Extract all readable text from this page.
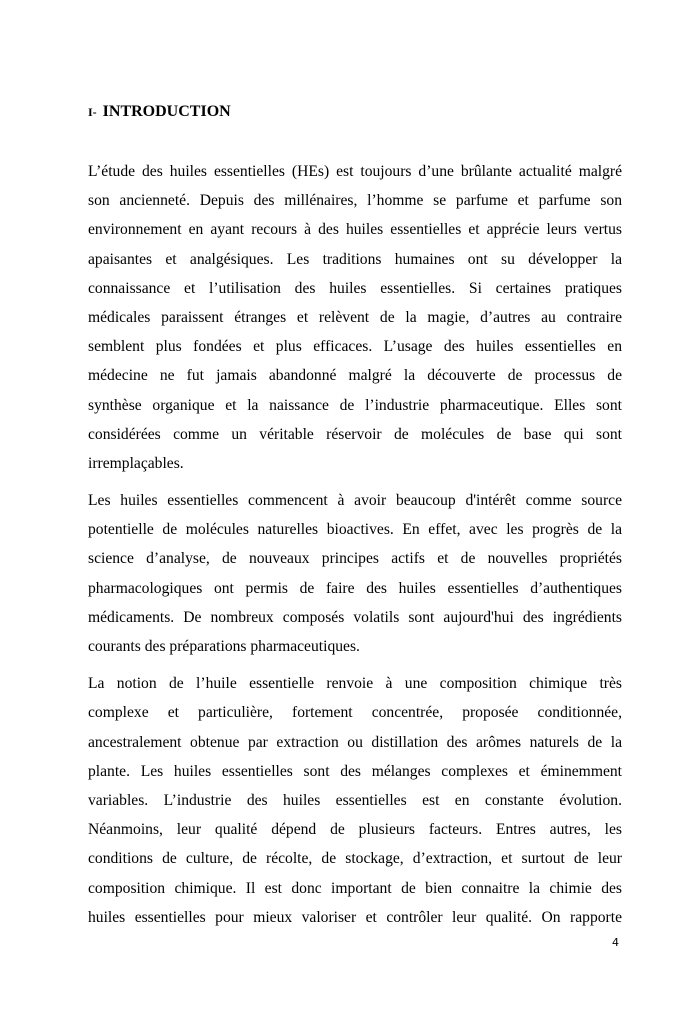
I- INTRODUCTION
L’étude des huiles essentielles (HEs) est toujours d’une brûlante actualité malgré
son ancienneté. Depuis des millénaires, l’homme se parfume et parfume son
environnement en ayant recours à des huiles essentielles et apprécie leurs vertus
apaisantes et analgésiques. Les traditions humaines ont su développer la
connaissance et l’utilisation des huiles essentielles. Si certaines pratiques
médicales paraissent étranges et relèvent de la magie, d’autres au contraire
semblent plus fondées et plus efficaces. L’usage des huiles essentielles en
médecine ne fut jamais abandonné malgré la découverte de processus de
synthèse organique et la naissance de l’industrie pharmaceutique. Elles sont
considérées comme un véritable réservoir de molécules de base qui sont
irremplaçables.
Les huiles essentielles commencent à avoir beaucoup d'intérêt comme source
potentielle de molécules naturelles bioactives. En effet, avec les progrès de la
science d’analyse, de nouveaux principes actifs et de nouvelles propriétés
pharmacologiques ont permis de faire des huiles essentielles d’authentiques
médicaments. De nombreux composés volatils sont aujourd'hui des ingrédients
courants des préparations pharmaceutiques.
La notion de l’huile essentielle renvoie à une composition chimique très
complexe et particulière, fortement concentrée, proposée conditionnée,
ancestralement obtenue par extraction ou distillation des arômes naturels de la
plante. Les huiles essentielles sont des mélanges complexes et éminemment
variables. L’industrie des huiles essentielles est en constante évolution.
Néanmoins, leur qualité dépend de plusieurs facteurs. Entres autres, les
conditions de culture, de récolte, de stockage, d’extraction, et surtout de leur
composition chimique. Il est donc important de bien connaitre la chimie des
huiles essentielles pour mieux valoriser et contrôler leur qualité. On rapporte
4
